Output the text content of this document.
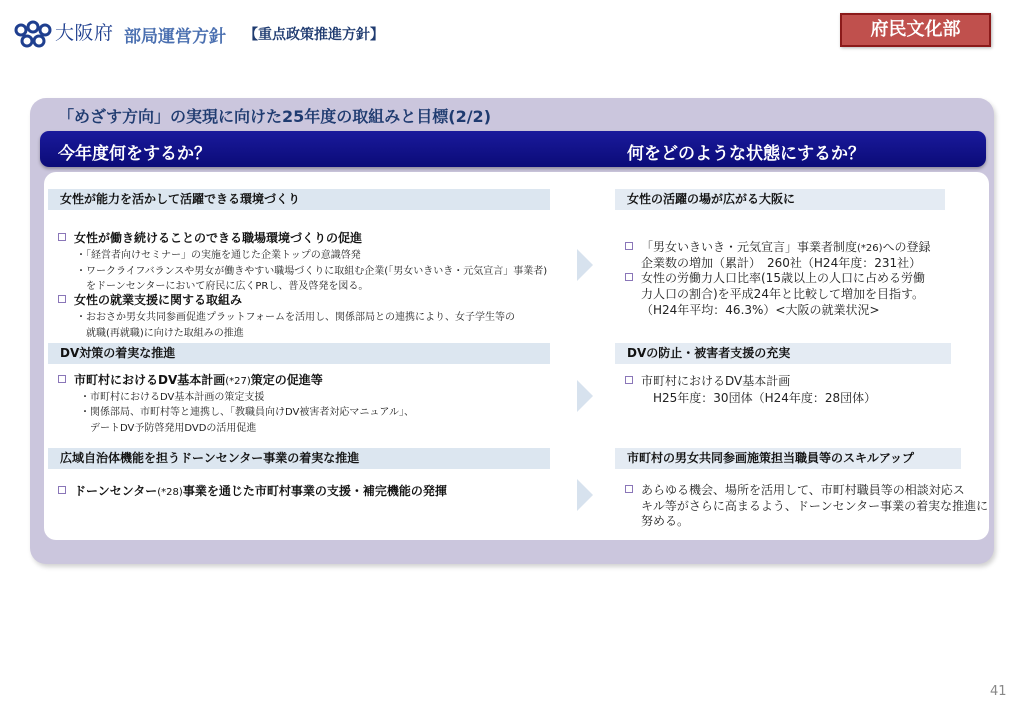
大阪府 部局運営方針 【重点政策推進方針】	府民文化部
「めざす方向」の実現に向けた25年度の取組みと目標(2/2)
今年度何をするか？	何をどのような状態にするか？
女性が能力を活かして活躍できる環境づくり	女性の活躍の場が広がる大阪に
女性が働き続けることのできる職場環境づくりの促進
・「経営者向けセミナー」の実施を通じた企業トップの意識啓発
・ワークライフバランスや男女が働きやすい職場づくりに取組む企業(「男女いきいき・元気宣言」事業者)
　をドーンセンターにおいて府民に広くPRし、普及啓発を図る。
女性の就業支援に関する取組み
・おおさか男女共同参画促進プラットフォームを活用し、関係部局との連携により、女子学生等の
　就職(再就職)に向けた取組みの推進
「男女いきいき・元気宣言」事業者制度(*26)への登録
企業数の増加（累計）　260社（H24年度：231社）
女性の労働力人口比率(15歳以上の人口に占める労働
力人口の割合)を平成24年と比較して増加を目指す。
（H24年平均：46.3%）<大阪の就業状況>
DV対策の着実な推進	DVの防止・被害者支援の充実
市町村におけるDV基本計画(*27)策定の促進等
・市町村におけるDV基本計画の策定支援
・関係部局、市町村等と連携し、「教職員向けDV被害者対応マニュアル」、
　デートDV予防啓発用DVDの活用促進
市町村におけるDV基本計画
　H25年度：30団体（H24年度：28団体）
広域自治体機能を担うドーンセンター事業の着実な推進	市町村の男女共同参画施策担当職員等のスキルアップ
ドーンセンター(*28)事業を通じた市町村事業の支援・補完機能の発揮	あらゆる機会、場所を活用して、市町村職員等の相談対応ス
キル等がさらに高まるよう、ドーンセンター事業の着実な推進に
努める。
41
